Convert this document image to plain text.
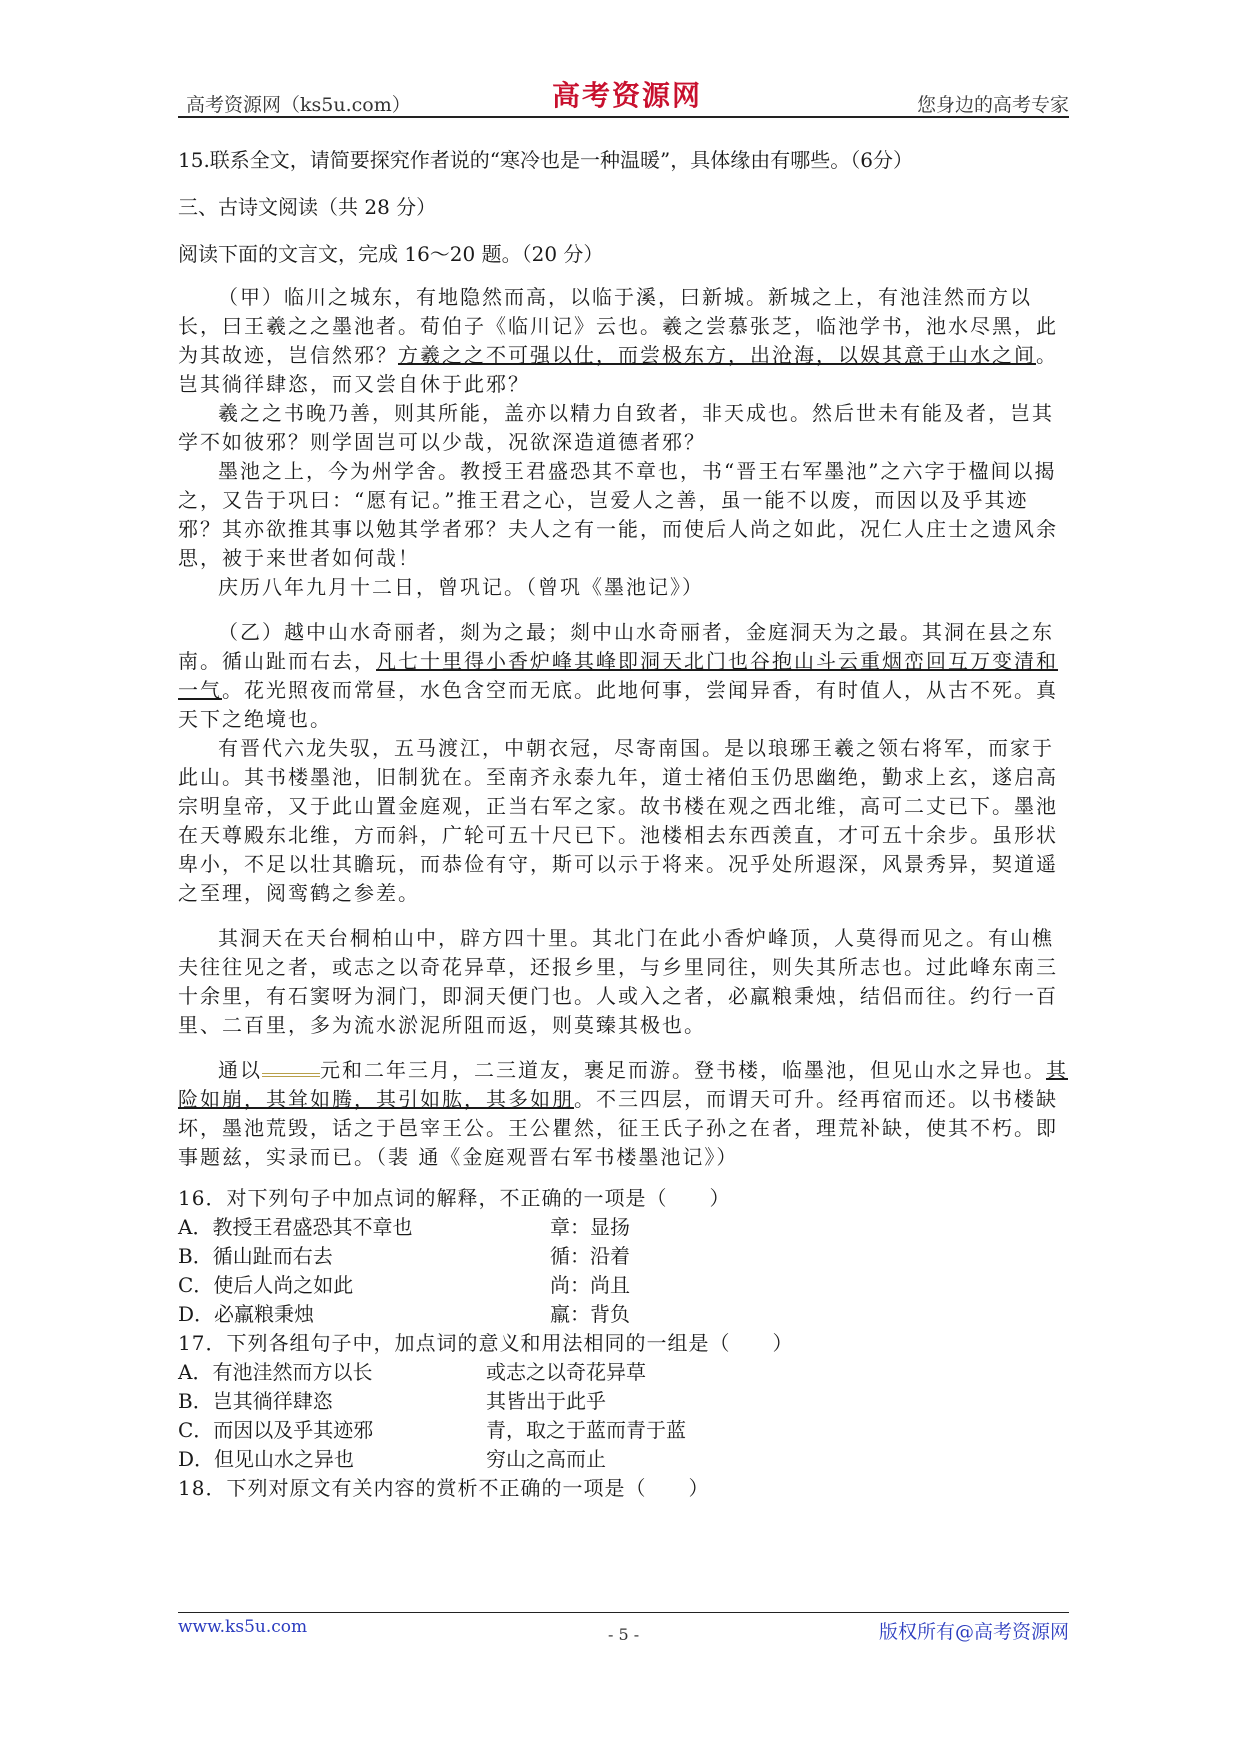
高考资源网（ks5u.com）	高考资源网	您身边的高考专家

15.联系全文，请简要探究作者说的“寒冷也是一种温暖”，具体缘由有哪些。（6分）

三、古诗文阅读（共 28 分）

阅读下面的文言文，完成 16～20 题。（20 分）

（甲）临川之城东，有地隐然而高，以临于溪，曰新城。新城之上，有池洼然而方以长，曰王羲之之墨池者。荀伯子《临川记》云也。羲之尝慕张芝，临池学书，池水尽黑，此为其故迹，岂信然邪？方羲之之不可强以仕，而尝极东方，出沧海，以娱其意于山水之间。岂其徜徉肆恣，而又尝自休于此邪？

羲之之书晚乃善，则其所能，盖亦以精力自致者，非天成也。然后世未有能及者，岂其学不如彼邪？则学固岂可以少哉，况欲深造道德者邪？

墨池之上，今为州学舍。教授王君盛恐其不章也，书“晋王右军墨池”之六字于楹间以揭之，又告于巩曰：“愿有记。”推王君之心，岂爱人之善，虽一能不以废，而因以及乎其迹邪？其亦欲推其事以勉其学者邪？夫人之有一能，而使后人尚之如此，况仁人庄士之遗风余思，被于来世者如何哉！

庆历八年九月十二日，曾巩记。（曾巩《墨池记》）

（乙）越中山水奇丽者，剡为之最；剡中山水奇丽者，金庭洞天为之最。其洞在县之东南。循山趾而右去，凡七十里得小香炉峰其峰即洞天北门也谷抱山斗云重烟峦回互万变清和一气。花光照夜而常昼，水色含空而无底。此地何事，尝闻异香，有时值人，从古不死。真天下之绝境也。

有晋代六龙失驭，五马渡江，中朝衣冠，尽寄南国。是以琅琊王羲之领右将军，而家于此山。其书楼墨池，旧制犹在。至南齐永泰九年，道士褚伯玉仍思幽绝，勤求上玄，遂启高宗明皇帝，又于此山置金庭观，正当右军之家。故书楼在观之西北维，高可二丈已下。墨池在天尊殿东北维，方而斜，广轮可五十尺已下。池楼相去东西羡直，才可五十余步。虽形状卑小，不足以壮其瞻玩，而恭俭有守，斯可以示于将来。况乎处所遐深，风景秀异，契道遥之至理，阅鸾鹤之参差。

其洞天在天台桐柏山中，辟方四十里。其北门在此小香炉峰顶，人莫得而见之。有山樵夫往往见之者，或志之以奇花异草，还报乡里，与乡里同往，则失其所志也。过此峰东南三十余里，有石窦呀为洞门，即洞天便门也。人或入之者，必羸粮秉烛，结侣而往。约行一百里、二百里，多为流水淤泥所阻而返，则莫臻其极也。

通以	元和二年三月，二三道友，裹足而游。登书楼，临墨池，但见山水之异也。其险如崩，其耸如腾，其引如肱，其多如朋。不三四层，而谓天可升。经再宿而还。以书楼缺坏，墨池荒毁，话之于邑宰王公。王公瞿然，征王氏子孙之在者，理荒补缺，使其不朽。即事题兹，实录而已。（裴 通《金庭观晋右军书楼墨池记》）

16．对下列句子中加点词的解释，不正确的一项是（　　）

A．教授王君盛恐其不章也	章：显扬
B．循山趾而右去	循：沿着
C．使后人尚之如此	尚：尚且
D．必羸粮秉烛	羸：背负

17．下列各组句子中，加点词的意义和用法相同的一组是（　　）

A．有池洼然而方以长	或志之以奇花异草
B．岂其徜徉肆恣	其皆出于此乎
C．而因以及乎其迹邪	青，取之于蓝而青于蓝
D．但见山水之异也	穷山之高而止

18．下列对原文有关内容的赏析不正确的一项是（　　）

www.ks5u.com	- 5 -	版权所有@高考资源网
